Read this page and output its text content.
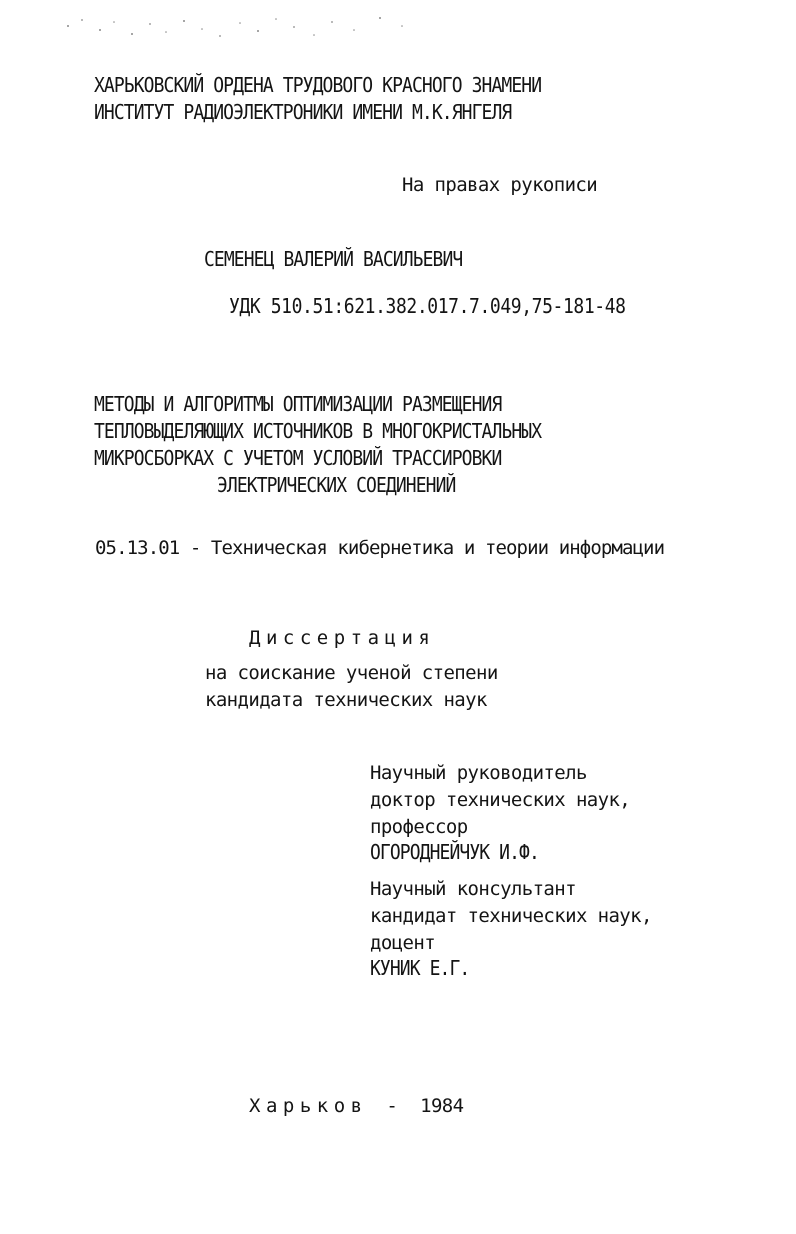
ХАРЬКОВСКИЙ ОРДЕНА ТРУДОВОГО КРАСНОГО ЗНАМЕНИ
ИНСТИТУТ РАДИОЭЛЕКТРОНИКИ ИМЕНИ М.К.ЯНГЕЛЯ
На правах рукописи
СЕМЕНЕЦ ВАЛЕРИЙ ВАСИЛЬЕВИЧ
УДК 510.51:621.382.017.7.049,75-181-48
МЕТОДЫ И АЛГОРИТМЫ ОПТИМИЗАЦИИ РАЗМЕЩЕНИЯ
ТЕПЛОВЫДЕЛЯЮЩИХ ИСТОЧНИКОВ В МНОГОКРИСТАЛЬНЫХ
МИКРОСБОРКАХ С УЧЕТОМ УСЛОВИЙ ТРАССИРОВКИ
ЭЛЕКТРИЧЕСКИХ СОЕДИНЕНИЙ
05.13.01 - Техническая кибернетика и теории информации
Диссертация
на соискание ученой степени
кандидата технических наук
Научный руководитель
доктор технических наук,
профессор
ОГОРОДНЕЙЧУК И.Ф.
Научный консультант
кандидат технических наук,
доцент
КУНИК Е.Г.
Харьков - 1984
